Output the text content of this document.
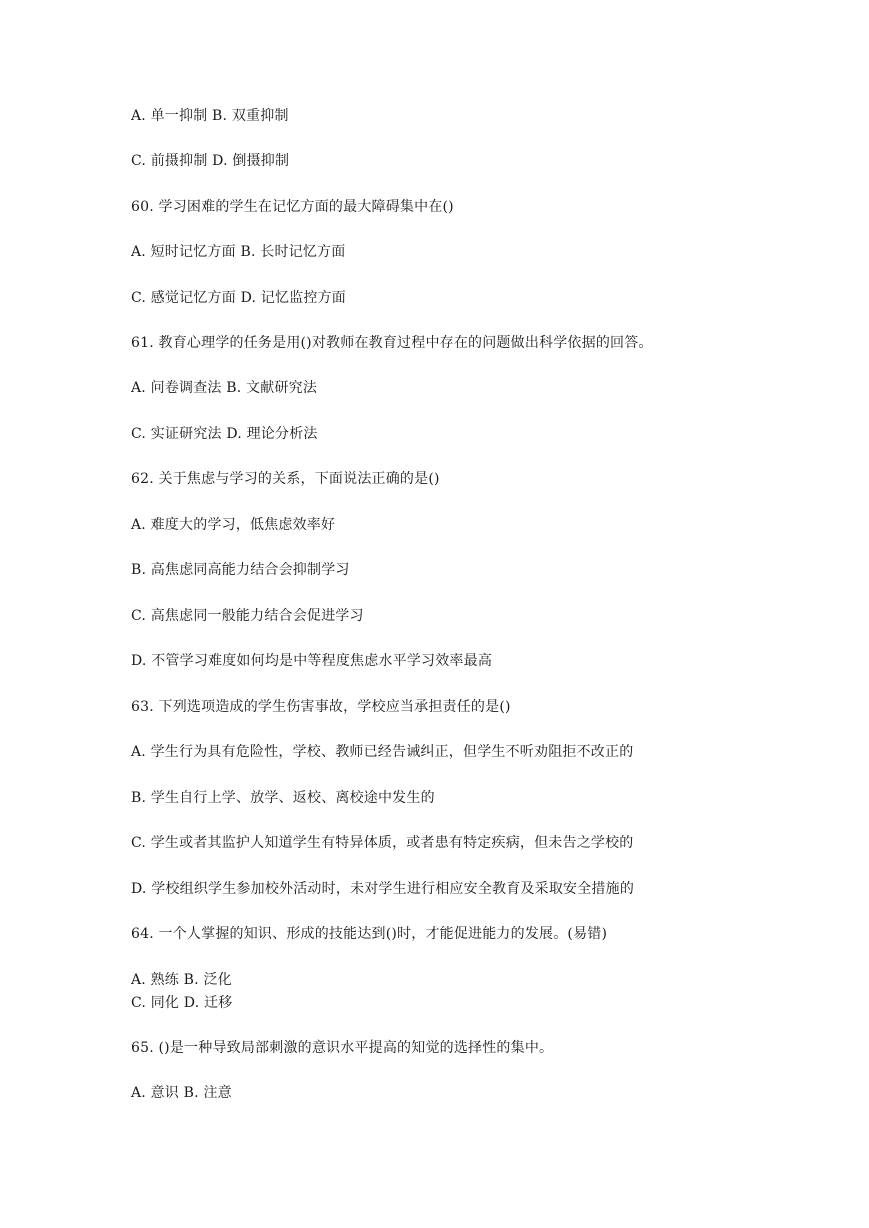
A. 单一抑制 B. 双重抑制
C. 前摄抑制 D. 倒摄抑制
60. 学习困难的学生在记忆方面的最大障碍集中在()
A. 短时记忆方面 B. 长时记忆方面
C. 感觉记忆方面 D. 记忆监控方面
61. 教育心理学的任务是用()对教师在教育过程中存在的问题做出科学依据的回答。
A. 问卷调查法 B. 文献研究法
C. 实证研究法 D. 理论分析法
62. 关于焦虑与学习的关系，下面说法正确的是()
A. 难度大的学习，低焦虑效率好
B. 高焦虑同高能力结合会抑制学习
C. 高焦虑同一般能力结合会促进学习
D. 不管学习难度如何均是中等程度焦虑水平学习效率最高
63. 下列选项造成的学生伤害事故，学校应当承担责任的是()
A. 学生行为具有危险性，学校、教师已经告诫纠正，但学生不听劝阻拒不改正的
B. 学生自行上学、放学、返校、离校途中发生的
C. 学生或者其监护人知道学生有特异体质，或者患有特定疾病，但未告之学校的
D. 学校组织学生参加校外活动时，未对学生进行相应安全教育及采取安全措施的
64. 一个人掌握的知识、形成的技能达到()时，才能促进能力的发展。(易错)
A. 熟练 B. 泛化
C. 同化 D. 迁移
65. ()是一种导致局部刺激的意识水平提高的知觉的选择性的集中。
A. 意识 B. 注意
